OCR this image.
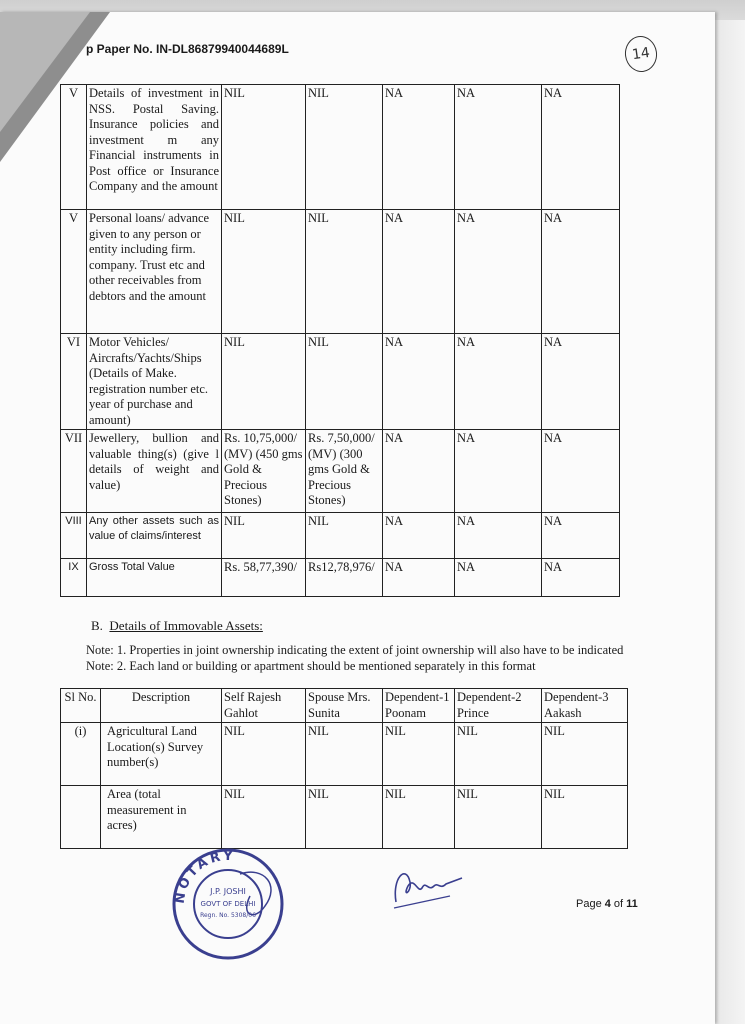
p Paper No. IN-DL86879940044689L	14
V	Details of investment in NSS. Postal Saving. Insurance policies and investment m any Financial instruments in Post office or Insurance Company and the amount	NIL	NIL	NA	NA	NA
V	Personal loans/ advance given to any person or entity including firm. company. Trust etc and other receivables from debtors and the amount	NIL	NIL	NA	NA	NA
VI	Motor Vehicles/ Aircrafts/Yachts/Ships (Details of Make. registration number etc. year of purchase and amount)	NIL	NIL	NA	NA	NA
VII	Jewellery, bullion and valuable thing(s) (give l details of weight and value)	Rs. 10,75,000/ (MV) (450 gms Gold & Precious Stones)	Rs. 7,50,000/ (MV) (300 gms Gold & Precious Stones)	NA	NA	NA
VIII	Any other assets such as value of claims/interest	NIL	NIL	NA	NA	NA
IX	Gross Total Value	Rs. 58,77,390/	Rs12,78,976/	NA	NA	NA
B. Details of Immovable Assets:
Note: 1. Properties in joint ownership indicating the extent of joint ownership will also have to be indicated
Note: 2. Each land or building or apartment should be mentioned separately in this format
Sl No.	Description	Self Rajesh Gahlot	Spouse Mrs. Sunita	Dependent-1 Poonam	Dependent-2 Prince	Dependent-3 Aakash
(i)	Agricultural Land Location(s) Survey number(s)	NIL	NIL	NIL	NIL	NIL
	Area (total measurement in acres)	NIL	NIL	NIL	NIL	NIL
NOTARY
J.P. JOSHI
GOVT OF DELHI
Regn. No. 5308/06
Page 4 of 11
